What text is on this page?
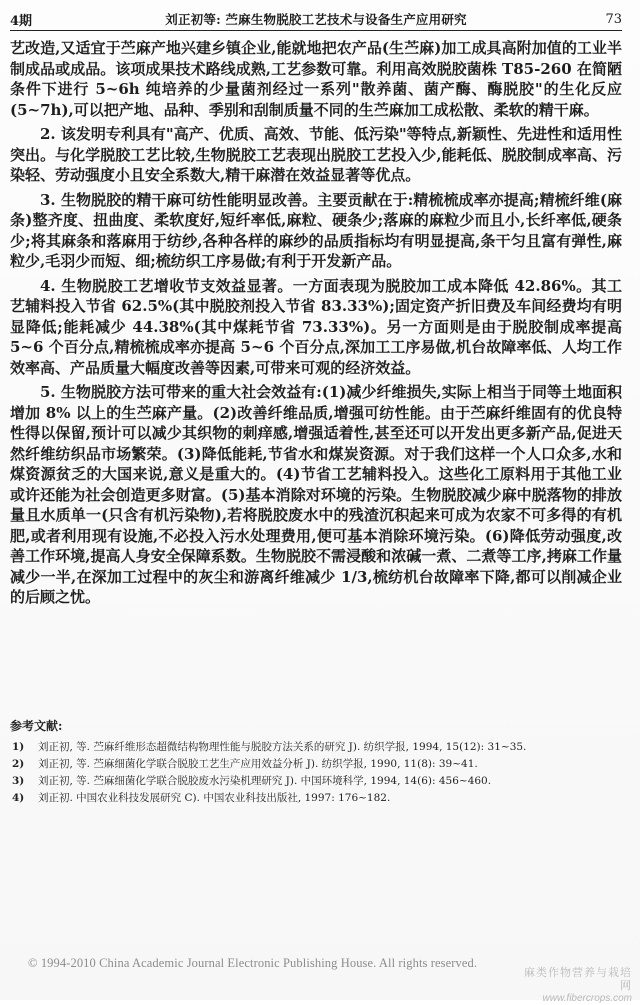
4期	刘正初等: 苎麻生物脱胶工艺技术与设备生产应用研究	73

艺改造,又适宜于苎麻产地兴建乡镇企业,能就地把农产品(生苎麻)加工成具高附加值的工业半制成品或成品。该项成果技术路线成熟,工艺参数可靠。利用高效脱胶菌株 T85-260 在简陋条件下进行 5~6h 纯培养的少量菌剂经过一系列"散养菌、菌产酶、酶脱胶"的生化反应(5~7h),可以把产地、品种、季别和刮制质量不同的生苎麻加工成松散、柔软的精干麻。

2. 该发明专利具有"高产、优质、高效、节能、低污染"等特点,新颖性、先进性和适用性突出。与化学脱胶工艺比较,生物脱胶工艺表现出脱胶工艺投入少,能耗低、脱胶制成率高、污染轻、劳动强度小且安全系数大,精干麻潜在效益显著等优点。

3. 生物脱胶的精干麻可纺性能明显改善。主要贡献在于:精梳梳成率亦提高;精梳纤维(麻条)整齐度、扭曲度、柔软度好,短纤率低,麻粒、硬条少;落麻的麻粒少而且小,长纤率低,硬条少;将其麻条和落麻用于纺纱,各种各样的麻纱的品质指标均有明显提高,条干匀且富有弹性,麻粒少,毛羽少而短、细;梳纺织工序易做;有利于开发新产品。

4. 生物脱胶工艺增收节支效益显著。一方面表现为脱胶加工成本降低 42.86%。其工艺辅料投入节省 62.5%(其中脱胶剂投入节省 83.33%);固定资产折旧费及车间经费均有明显降低;能耗减少 44.38%(其中煤耗节省 73.33%)。另一方面则是由于脱胶制成率提高 5~6 个百分点,精梳梳成率亦提高 5~6 个百分点,深加工工序易做,机台故障率低、人均工作效率高、产品质量大幅度改善等因素,可带来可观的经济效益。

5. 生物脱胶方法可带来的重大社会效益有:(1)减少纤维损失,实际上相当于同等土地面积增加 8% 以上的生苎麻产量。(2)改善纤维品质,增强可纺性能。由于苎麻纤维固有的优良特性得以保留,预计可以减少其织物的刺痒感,增强适着性,甚至还可以开发出更多新产品,促进天然纤维纺织品市场繁荣。(3)降低能耗,节省水和煤炭资源。对于我们这样一个人口众多,水和煤资源贫乏的大国来说,意义是重大的。(4)节省工艺辅料投入。这些化工原料用于其他工业或许还能为社会创造更多财富。(5)基本消除对环境的污染。生物脱胶减少麻中脱落物的排放量且水质单一(只含有机污染物),若将脱胶废水中的残渣沉积起来可成为农家不可多得的有机肥,或者利用现有设施,不必投入污水处理费用,便可基本消除环境污染。(6)降低劳动强度,改善工作环境,提高人身安全保障系数。生物脱胶不需浸酸和浓碱一煮、二煮等工序,拷麻工作量减少一半,在深加工过程中的灰尘和游离纤维减少 1/3,梳纺机台故障率下降,都可以削减企业的后顾之忧。

参考文献:
1) 刘正初, 等. 苎麻纤维形态超微结构物理性能与脱胶方法关系的研究 J). 纺织学报, 1994, 15(12): 31~35.
2) 刘正初, 等. 苎麻细菌化学联合脱胶工艺生产应用效益分析 J). 纺织学报, 1990, 11(8): 39~41.
3) 刘正初, 等. 苎麻细菌化学联合脱胶废水污染机理研究 J). 中国环境科学, 1994, 14(6): 456~460.
4) 刘正初. 中国农业科技发展研究 C). 中国农业科技出版社, 1997: 176~182.
© 1994-2010 China Academic Journal Electronic Publishing House. All rights reserved.
麻类作物营养与栽培网
www.fibercrops.com
